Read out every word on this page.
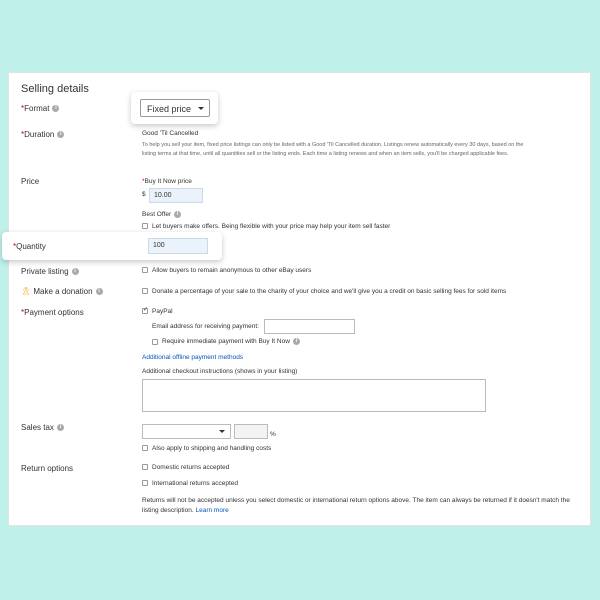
Selling details
*Format i
*Duration i	Good 'Til Cancelled
To help you sell your item, fixed price listings can only be listed with a Good 'Til Cancelled duration. Listings renew automatically every 30 days, based on the listing terms at that time, until all quantities sell or the listing ends. Each time a listing renews and when an item sells, you'll be charged applicable fees.
Price	*Buy It Now price
$	10.00
Best Offer i
Let buyers make offers. Being flexible with your price may help your item sell faster
Private listing i	Allow buyers to remain anonymous to other eBay users
🎗 Make a donation i	Donate a percentage of your sale to the charity of your choice and we'll give you a credit on basic selling fees for sold items
*Payment options
✓	PayPal
Email address for receiving payment:
Require immediate payment with Buy It Now i
Additional offline payment methods
Additional checkout instructions (shows in your listing)
Sales tax i
%
Also apply to shipping and handling costs
Return options	Domestic returns accepted
International returns accepted
Returns will not be accepted unless you select domestic or international return options above. The item can always be returned if it doesn't match the listing description. Learn more
Fixed price
*Quantity	100
